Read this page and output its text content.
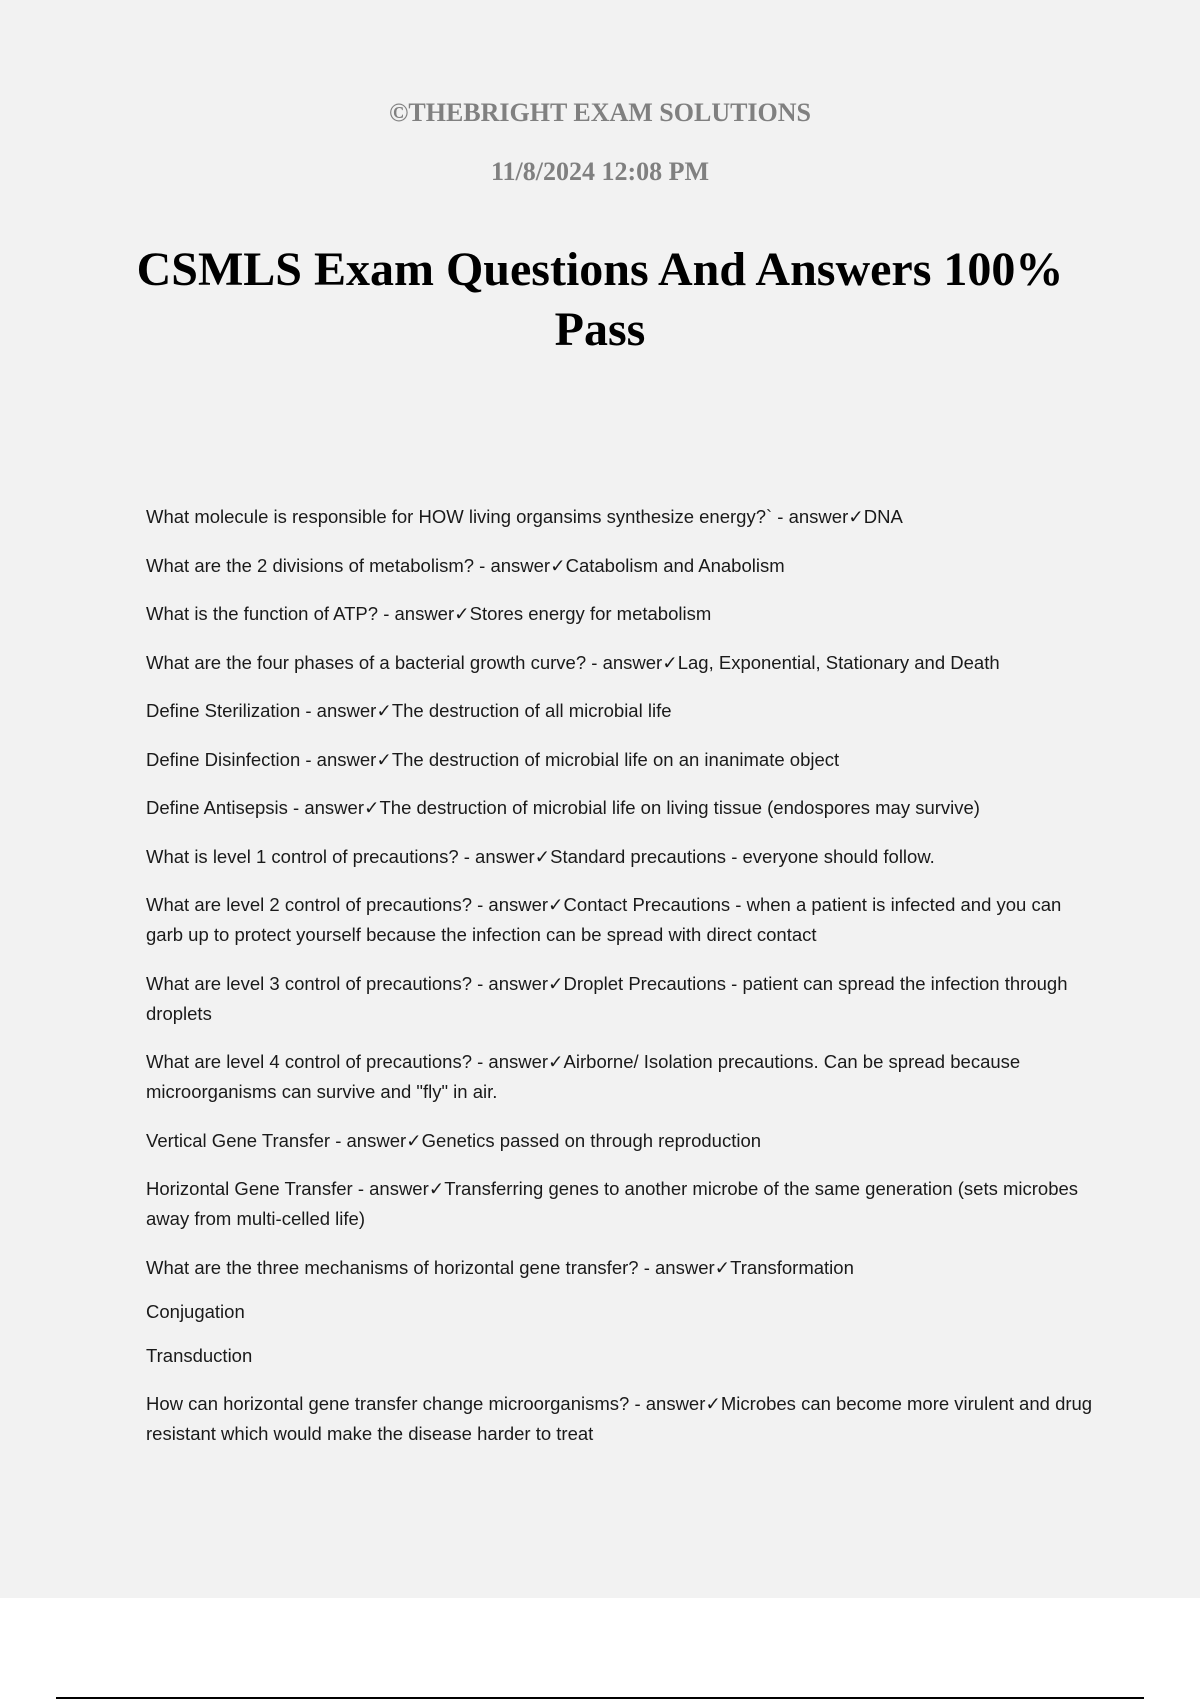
©THEBRIGHT EXAM SOLUTIONS
11/8/2024 12:08 PM
CSMLS Exam Questions And Answers 100% Pass
What molecule is responsible for HOW living organsims synthesize energy?` - answer✓DNA
What are the 2 divisions of metabolism? - answer✓Catabolism and Anabolism
What is the function of ATP? - answer✓Stores energy for metabolism
What are the four phases of a bacterial growth curve? - answer✓Lag, Exponential, Stationary and Death
Define Sterilization - answer✓The destruction of all microbial life
Define Disinfection - answer✓The destruction of microbial life on an inanimate object
Define Antisepsis - answer✓The destruction of microbial life on living tissue (endospores may survive)
What is level 1 control of precautions? - answer✓Standard precautions - everyone should follow.
What are level 2 control of precautions? - answer✓Contact Precautions - when a patient is infected and you can garb up to protect yourself because the infection can be spread with direct contact
What are level 3 control of precautions? - answer✓Droplet Precautions - patient can spread the infection through droplets
What are level 4 control of precautions? - answer✓Airborne/ Isolation precautions. Can be spread because microorganisms can survive and "fly" in air.
Vertical Gene Transfer - answer✓Genetics passed on through reproduction
Horizontal Gene Transfer - answer✓Transferring genes to another microbe of the same generation (sets microbes away from multi-celled life)
What are the three mechanisms of horizontal gene transfer? - answer✓Transformation
Conjugation
Transduction
How can horizontal gene transfer change microorganisms? - answer✓Microbes can become more virulent and drug resistant which would make the disease harder to treat
